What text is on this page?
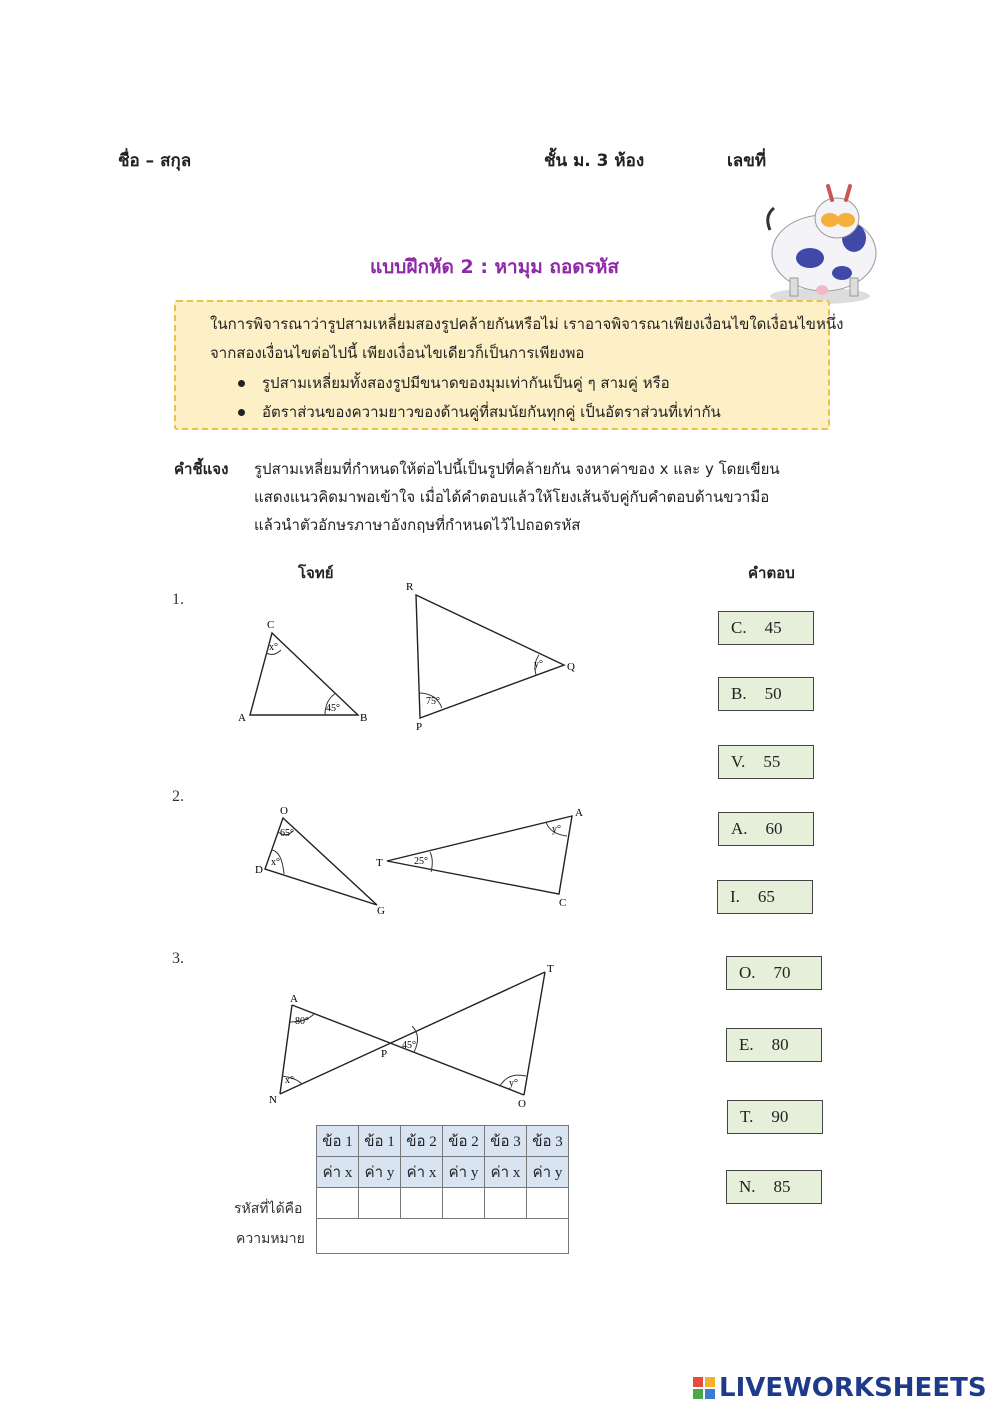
ชื่อ – สกุล	ชั้น ม. 3 ห้อง	เลขที่
แบบฝึกหัด 2 : หามุม ถอดรหัส
ในการพิจารณาว่ารูปสามเหลี่ยมสองรูปคล้ายกันหรือไม่ เราอาจพิจารณาเพียงเงื่อนไขใดเงื่อนไขหนึ่ง
จากสองเงื่อนไขต่อไปนี้ เพียงเงื่อนไขเดียวก็เป็นการเพียงพอ
รูปสามเหลี่ยมทั้งสองรูปมีขนาดของมุมเท่ากันเป็นคู่ ๆ สามคู่ หรือ
อัตราส่วนของความยาวของด้านคู่ที่สมนัยกันทุกคู่ เป็นอัตราส่วนที่เท่ากัน
คำชี้แจง รูปสามเหลี่ยมที่กำหนดให้ต่อไปนี้เป็นรูปที่คล้ายกัน จงหาค่าของ x และ y โดยเขียน
แสดงแนวคิดมาพอเข้าใจ เมื่อได้คำตอบแล้วให้โยงเส้นจับคู่กับคำตอบด้านขวามือ
แล้วนำตัวอักษรภาษาอังกฤษที่กำหนดไว้ไปถอดรหัส
โจทย์	คำตอบ
1.
2.
3.
C
A	B
x°
45°
R
P
Q
75°
y°
O
D
G
65°
x°	T
A
C
25°
y°
A
N
P
T
O
80°
x°
45°
y°
C. 45
B. 50
V. 55
A. 60
I. 65
O. 70
E. 80
T. 90
N. 85
ข้อ 1	ข้อ 1	ข้อ 2	ข้อ 2	ข้อ 3	ข้อ 3
ค่า x	ค่า y	ค่า x	ค่า y	ค่า x	ค่า y

รหัสที่ได้คือ
ความหมาย
LIVEWORKSHEETS
